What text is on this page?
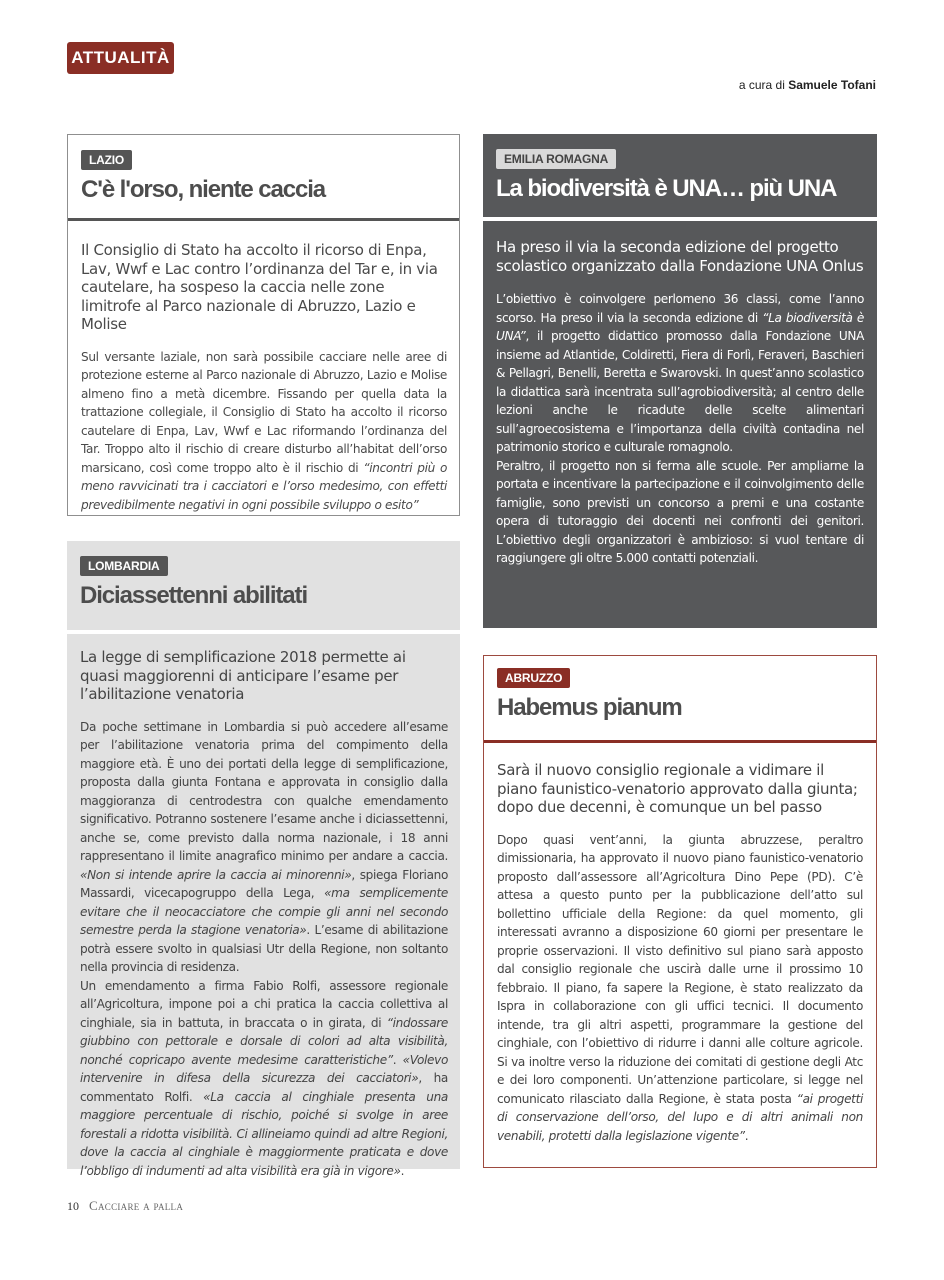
ATTUALITÀ
a cura di Samuele Tofani
LAZIO
C'è l'orso, niente caccia
Il Consiglio di Stato ha accolto il ricorso di Enpa, Lav, Wwf e Lac contro l’ordinanza del Tar e, in via cautelare, ha sospeso la caccia nelle zone limitrofe al Parco nazionale di Abruzzo, Lazio e Molise

Sul versante laziale, non sarà possibile cacciare nelle aree di protezione esterne al Parco nazionale di Abruzzo, Lazio e Molise almeno fino a metà dicembre. Fissando per quella data la trattazione collegiale, il Consiglio di Stato ha accolto il ricorso cautelare di Enpa, Lav, Wwf e Lac riformando l’ordinanza del Tar. Troppo alto il rischio di creare disturbo all’habitat dell’orso marsicano, così come troppo alto è il rischio di “incontri più o meno ravvicinati tra i cacciatori e l’orso medesimo, con effetti prevedibilmente negativi in ogni possibile sviluppo o esito”

LOMBARDIA
Diciassettenni abilitati
La legge di semplificazione 2018 permette ai quasi maggiorenni di anticipare l’esame per l’abilitazione venatoria

Da poche settimane in Lombardia si può accedere all’esame per l’abilitazione venatoria prima del compimento della maggiore età. È uno dei portati della legge di semplificazione, proposta dalla giunta Fontana e approvata in consiglio dalla maggioranza di centrodestra con qualche emendamento significativo. Potranno sostenere l’esame anche i diciassettenni, anche se, come previsto dalla norma nazionale, i 18 anni rappresentano il limite anagrafico minimo per andare a caccia. «Non si intende aprire la caccia ai minorenni», spiega Floriano Massardi, vicecapogruppo della Lega, «ma semplicemente evitare che il neocacciatore che compie gli anni nel secondo semestre perda la stagione venatoria». L’esame di abilitazione potrà essere svolto in qualsiasi Utr della Regione, non soltanto nella provincia di residenza.

Un emendamento a firma Fabio Rolfi, assessore regionale all’Agricoltura, impone poi a chi pratica la caccia collettiva al cinghiale, sia in battuta, in braccata o in girata, di “indossare giubbino con pettorale e dorsale di colori ad alta visibilità, nonché copricapo avente medesime caratteristiche”. «Volevo intervenire in difesa della sicurezza dei cacciatori», ha commentato Rolfi. «La caccia al cinghiale presenta una maggiore percentuale di rischio, poiché si svolge in aree forestali a ridotta visibilità. Ci allineiamo quindi ad altre Regioni, dove la caccia al cinghiale è maggiormente praticata e dove l’obbligo di indumenti ad alta visibilità era già in vigore».

EMILIA ROMAGNA
La biodiversità è UNA… più UNA
Ha preso il via la seconda edizione del progetto scolastico organizzato dalla Fondazione UNA Onlus

L’obiettivo è coinvolgere perlomeno 36 classi, come l’anno scorso. Ha preso il via la seconda edizione di “La biodiversità è UNA”, il progetto didattico promosso dalla Fondazione UNA insieme ad Atlantide, Coldiretti, Fiera di Forlì, Feraveri, Baschieri & Pellagri, Benelli, Beretta e Swarovski. In quest’anno scolastico la didattica sarà incentrata sull’agrobiodiversità; al centro delle lezioni anche le ricadute delle scelte alimentari sull’agroecosistema e l’importanza della civiltà contadina nel patrimonio storico e culturale romagnolo.

Peraltro, il progetto non si ferma alle scuole. Per ampliarne la portata e incentivare la partecipazione e il coinvolgimento delle famiglie, sono previsti un concorso a premi e una costante opera di tutoraggio dei docenti nei confronti dei genitori. L’obiettivo degli organizzatori è ambizioso: si vuol tentare di raggiungere gli oltre 5.000 contatti potenziali.

ABRUZZO
Habemus pianum
Sarà il nuovo consiglio regionale a vidimare il piano faunistico-venatorio approvato dalla giunta; dopo due decenni, è comunque un bel passo

Dopo quasi vent’anni, la giunta abruzzese, peraltro dimissionaria, ha approvato il nuovo piano faunistico-venatorio proposto dall’assessore all’Agricoltura Dino Pepe (PD). C’è attesa a questo punto per la pubblicazione dell’atto sul bollettino ufficiale della Regione: da quel momento, gli interessati avranno a disposizione 60 giorni per presentare le proprie osservazioni. Il visto definitivo sul piano sarà apposto dal consiglio regionale che uscirà dalle urne il prossimo 10 febbraio. Il piano, fa sapere la Regione, è stato realizzato da Ispra in collaborazione con gli uffici tecnici. Il documento intende, tra gli altri aspetti, programmare la gestione del cinghiale, con l’obiettivo di ridurre i danni alle colture agricole. Si va inoltre verso la riduzione dei comitati di gestione degli Atc e dei loro componenti. Un’attenzione particolare, si legge nel comunicato rilasciato dalla Regione, è stata posta “ai progetti di conservazione dell’orso, del lupo e di altri animali non venabili, protetti dalla legislazione vigente”.

10 Cacciare a palla
